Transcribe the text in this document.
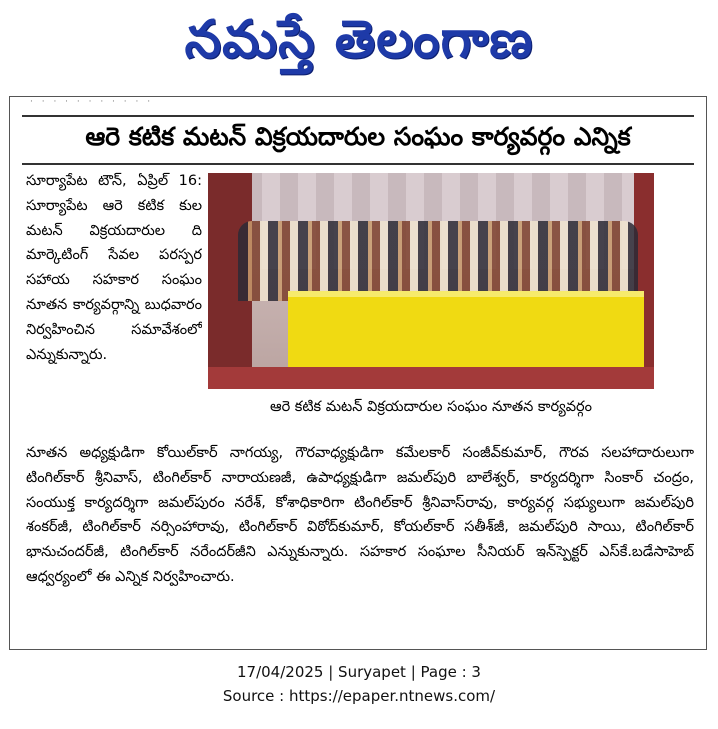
నమస్తే తెలంగాణ
· · · · · · · · · · ·
ఆరె కటిక మటన్ విక్రయదారుల సంఘం కార్యవర్గం ఎన్నిక

సూర్యాపేట టౌన్, ఏప్రిల్ 16: సూర్యాపేట ఆరె కటిక కుల మటన్ విక్రయదారుల ది మార్కెటింగ్ సేవల పరస్పర సహాయ సహకార సంఘం నూతన కార్యవర్గాన్ని బుధవారం నిర్వహించిన సమావేశంలో ఎన్నుకున్నారు.

ఆరె కటిక మటన్ విక్రయదారుల సంఘం నూతన కార్యవర్గం

నూతన అధ్యక్షుడిగా కోయిల్‌కార్ నాగయ్య, గౌరవాధ్యక్షుడిగా కమేలకార్ సంజీవ్‌కుమార్, గౌరవ సలహాదారులుగా టింగిల్‌కార్ శ్రీనివాస్, టింగిల్‌కార్ నారాయణజీ, ఉపాధ్యక్షుడిగా జమల్‌పురి బాలేశ్వర్, కార్యదర్శిగా సింకార్ చంద్రం, సంయుక్త కార్యదర్శిగా జమల్‌పురం నరేశ్, కోశాధికారిగా టింగిల్‌కార్ శ్రీనివాస్‌రావు, కార్యవర్గ సభ్యులుగా జమల్‌పురి శంకర్‌జీ, టింగిల్‌కార్ నర్సింహారావు, టింగిల్‌కార్ విఠోద్‌కుమార్, కోయల్‌కార్ సతీశ్‌జీ, జమల్‌పురి సాయి, టింగిల్‌కార్ భానుచందర్‌జీ, టింగిల్‌కార్ నరేందర్‌జీని ఎన్నుకున్నారు. సహకార సంఘాల సీనియర్ ఇన్‌స్పెక్టర్ ఎస్‌కే.బడేసాహెబ్ ఆధ్వర్యంలో ఈ ఎన్నిక నిర్వహించారు.

17/04/2025 | Suryapet | Page : 3
Source : https://epaper.ntnews.com/
